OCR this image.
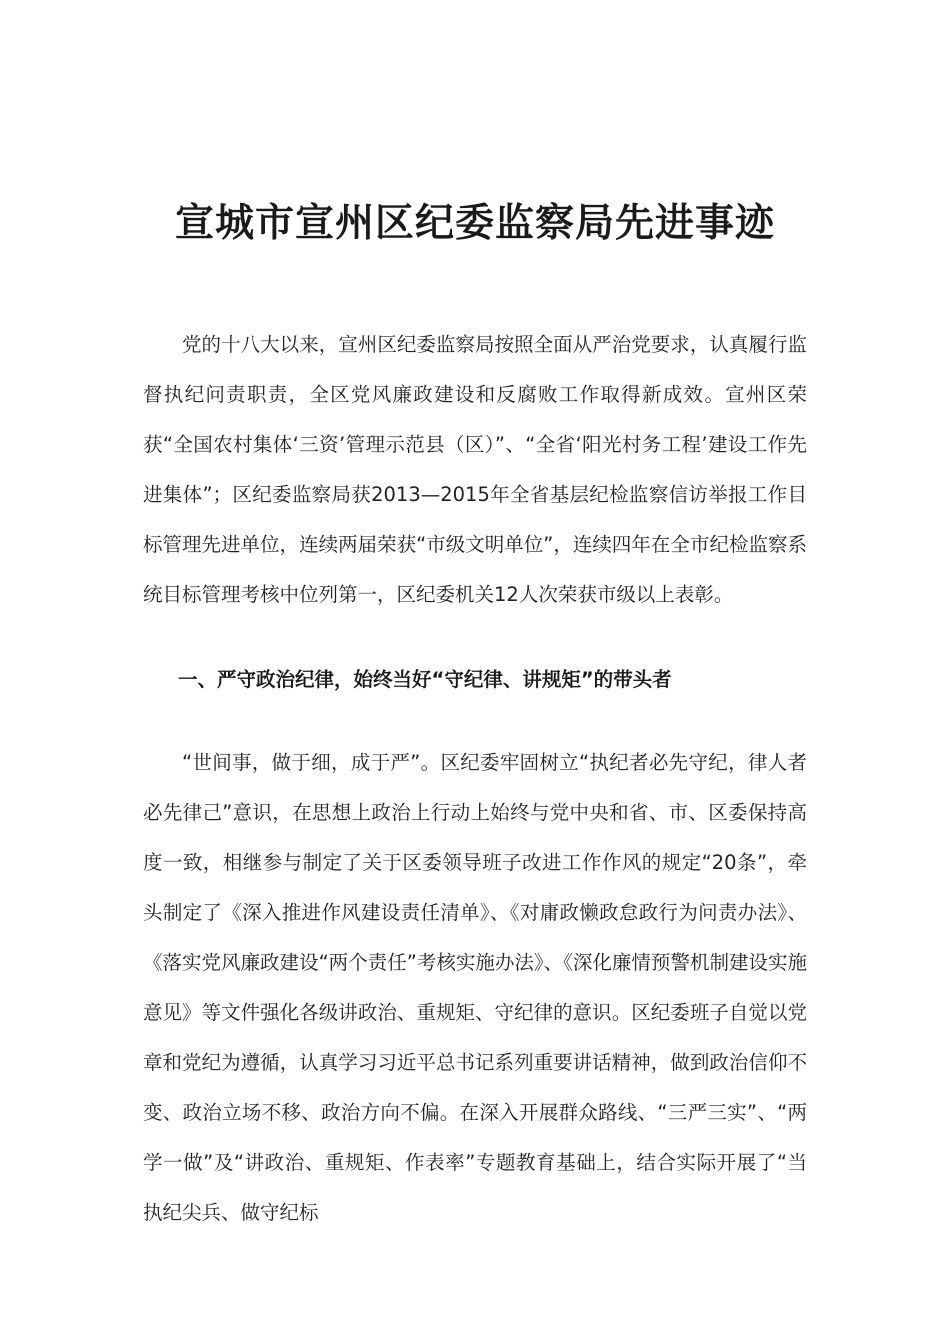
宣城市宣州区纪委监察局先进事迹

党的十八大以来，宣州区纪委监察局按照全面从严治党要求，认真履行监督执纪问责职责，全区党风廉政建设和反腐败工作取得新成效。宣州区荣获“全国农村集体‘三资’管理示范县（区）”、“全省‘阳光村务工程’建设工作先进集体”；区纪委监察局获2013—2015年全省基层纪检监察信访举报工作目标管理先进单位，连续两届荣获“市级文明单位”，连续四年在全市纪检监察系统目标管理考核中位列第一，区纪委机关12人次荣获市级以上表彰。

一、严守政治纪律，始终当好“守纪律、讲规矩”的带头者

“世间事，做于细，成于严”。区纪委牢固树立“执纪者必先守纪，律人者必先律己”意识，在思想上政治上行动上始终与党中央和省、市、区委保持高度一致，相继参与制定了关于区委领导班子改进工作作风的规定“20条”，牵头制定了《深入推进作风建设责任清单》、《对庸政懒政怠政行为问责办法》、《落实党风廉政建设“两个责任”考核实施办法》、《深化廉情预警机制建设实施意见》等文件强化各级讲政治、重规矩、守纪律的意识。区纪委班子自觉以党章和党纪为遵循，认真学习习近平总书记系列重要讲话精神，做到政治信仰不变、政治立场不移、政治方向不偏。在深入开展群众路线、“三严三实”、“两学一做”及“讲政治、重规矩、作表率”专题教育基础上，结合实际开展了“当执纪尖兵、做守纪标
